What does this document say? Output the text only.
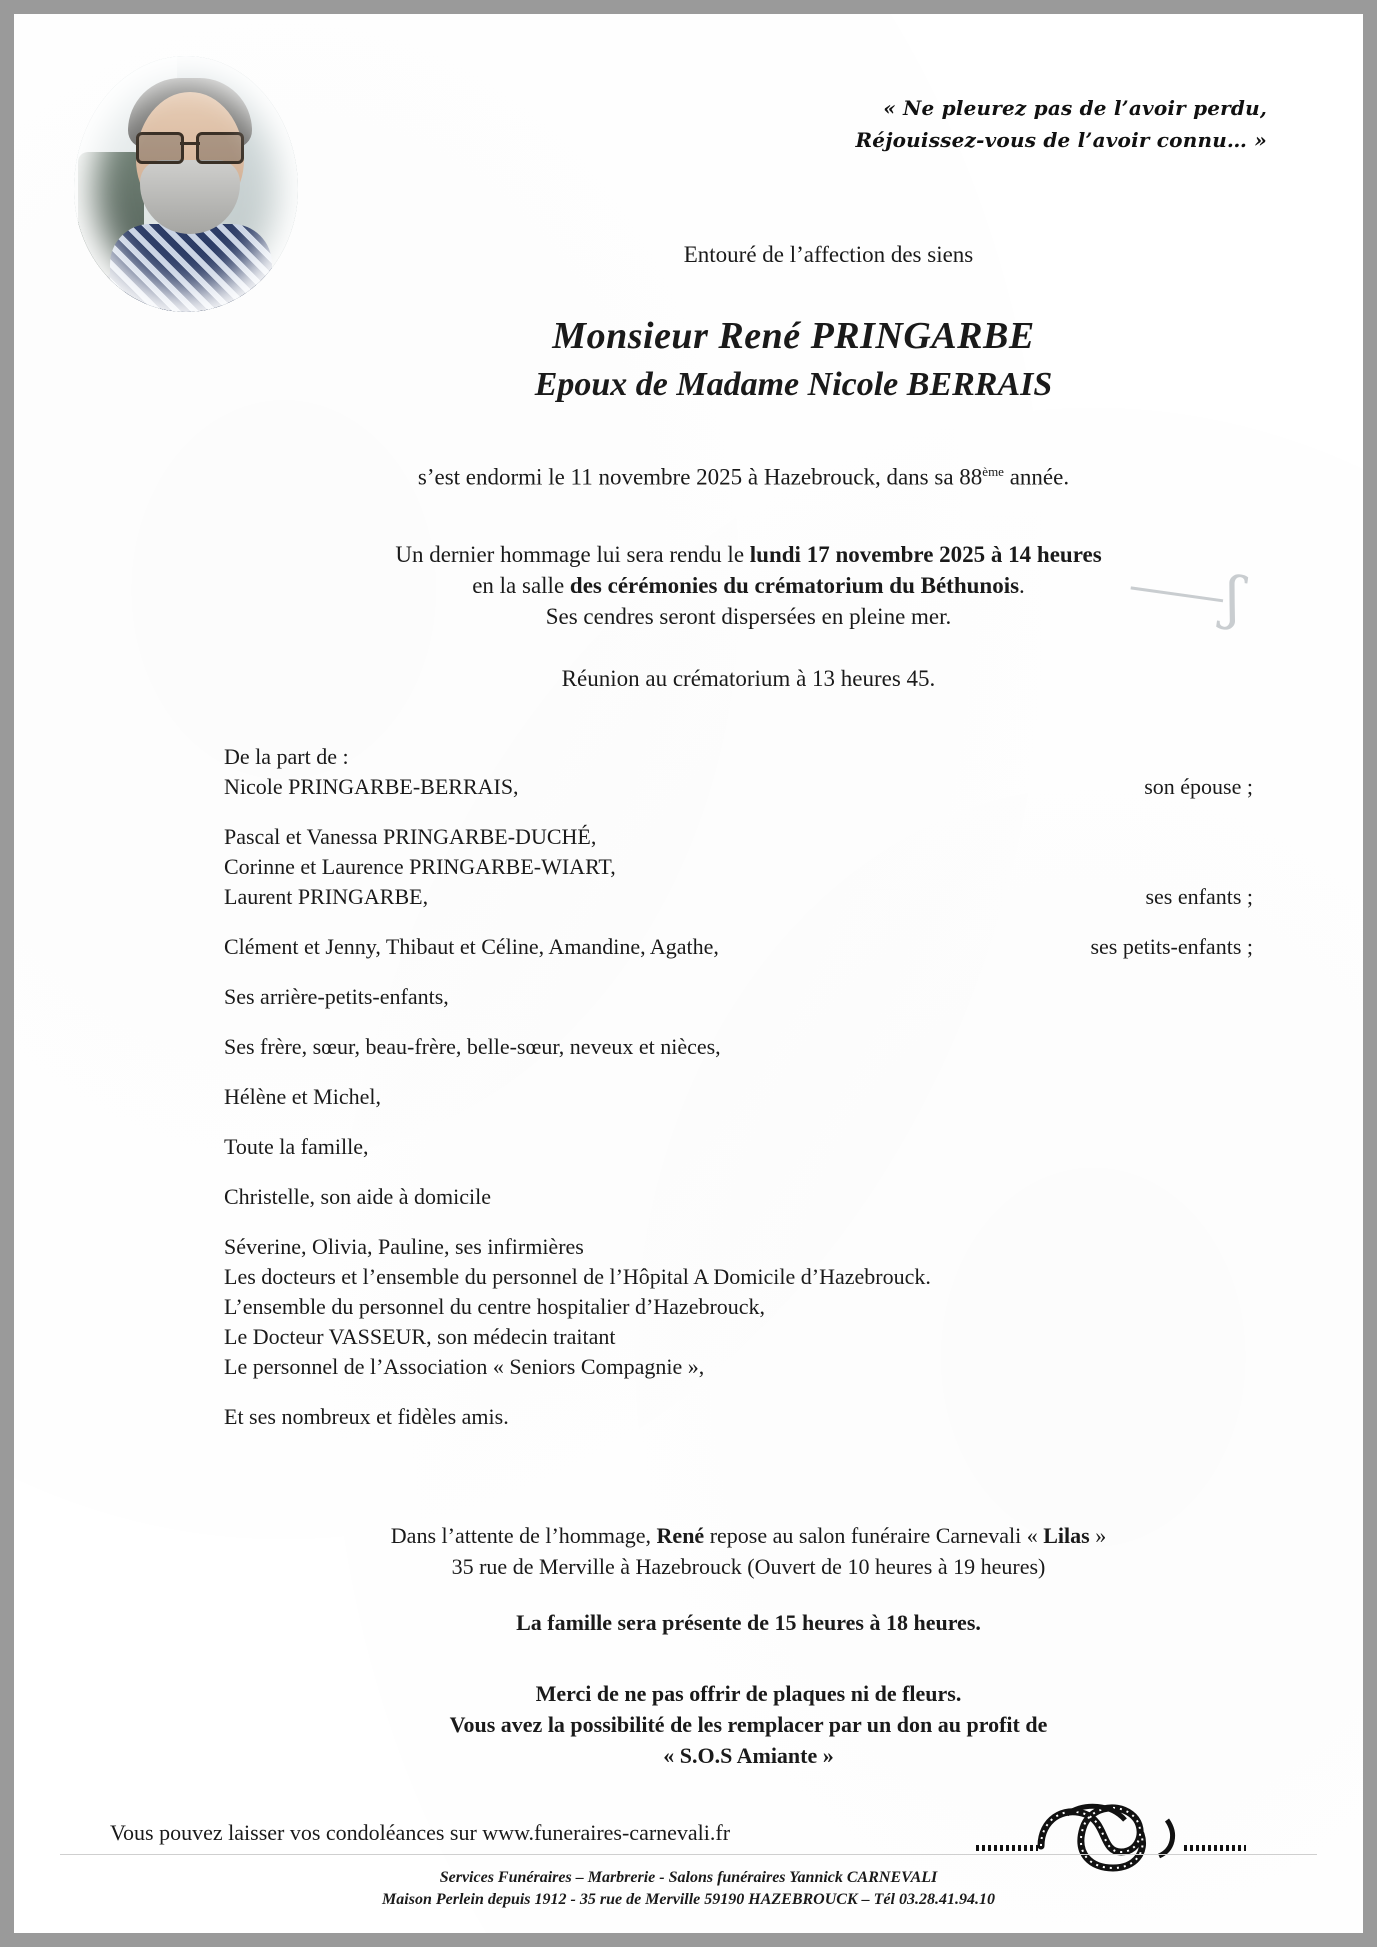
« Ne pleurez pas de l’avoir perdu,
Réjouissez-vous de l’avoir connu… »
Entouré de l’affection des siens
Monsieur René PRINGARBE
Epoux de Madame Nicole BERRAIS
s’est endormi le 11 novembre 2025 à Hazebrouck, dans sa 88ème année.
Un dernier hommage lui sera rendu le lundi 17 novembre 2025 à 14 heures
en la salle des cérémonies du crématorium du Béthunois.
Ses cendres seront dispersées en pleine mer.	⸺ʃ
Réunion au crématorium à 13 heures 45.
De la part de :
Nicole PRINGARBE-BERRAIS,	son épouse ;
Pascal et Vanessa PRINGARBE-DUCHÉ,
Corinne et Laurence PRINGARBE-WIART,
Laurent PRINGARBE,	ses enfants ;
Clément et Jenny, Thibaut et Céline, Amandine, Agathe,	ses petits-enfants ;
Ses arrière-petits-enfants,
Ses frère, sœur, beau-frère, belle-sœur, neveux et nièces,
Hélène et Michel,
Toute la famille,
Christelle, son aide à domicile
Séverine, Olivia, Pauline, ses infirmières
Les docteurs et l’ensemble du personnel de l’Hôpital A Domicile d’Hazebrouck.
L’ensemble du personnel du centre hospitalier d’Hazebrouck,
Le Docteur VASSEUR, son médecin traitant
Le personnel de l’Association « Seniors Compagnie »,
Et ses nombreux et fidèles amis.
Dans l’attente de l’hommage, René repose au salon funéraire Carnevali « Lilas »
35 rue de Merville à Hazebrouck (Ouvert de 10 heures à 19 heures)
La famille sera présente de 15 heures à 18 heures.
Merci de ne pas offrir de plaques ni de fleurs.
Vous avez la possibilité de les remplacer par un don au profit de
« S.O.S Amiante »
Vous pouvez laisser vos condoléances sur www.funeraires-carnevali.fr
Services Funéraires – Marbrerie - Salons funéraires Yannick CARNEVALI
Maison Perlein depuis 1912 - 35 rue de Merville 59190 HAZEBROUCK – Tél 03.28.41.94.10
